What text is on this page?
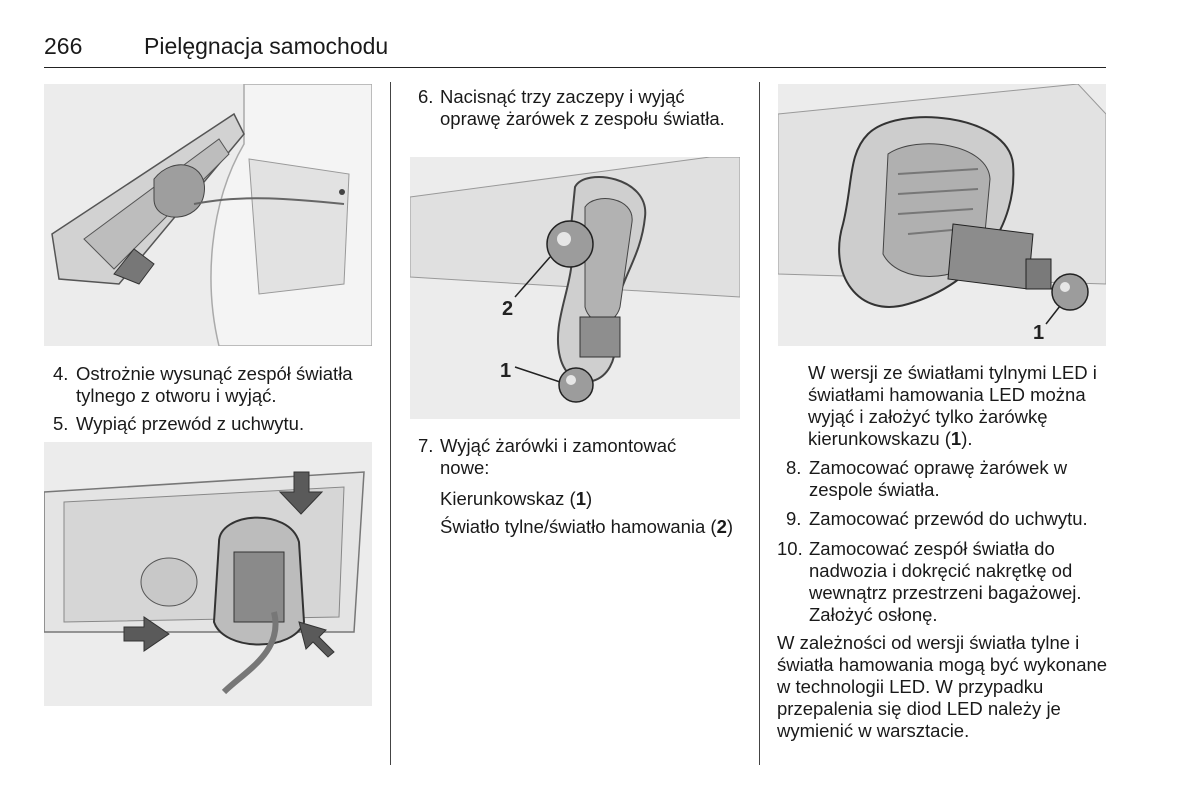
266	Pielęgnacja samochodu
4. Ostrożnie wysunąć zespół światła tylnego z otworu i wyjąć.
5. Wypiąć przewód z uchwytu.
6. Nacisnąć trzy zaczepy i wyjąć oprawę żarówek z zespołu światła.
2
1
7. Wyjąć żarówki i zamontować nowe:
Kierunkowskaz (1)
Światło tylne/światło hamowania (2)
1
W wersji ze światłami tylnymi LED i światłami hamowania LED można wyjąć i założyć tylko żarówkę kierunkowskazu (1).
8. Zamocować oprawę żarówek w zespole światła.
9. Zamocować przewód do uchwytu.
10. Zamocować zespół światła do nadwozia i dokręcić nakrętkę od wewnątrz przestrzeni bagażowej. Założyć osłonę.
W zależności od wersji światła tylne i światła hamowania mogą być wykonane w technologii LED. W przypadku przepalenia się diod LED należy je wymienić w warsztacie.
